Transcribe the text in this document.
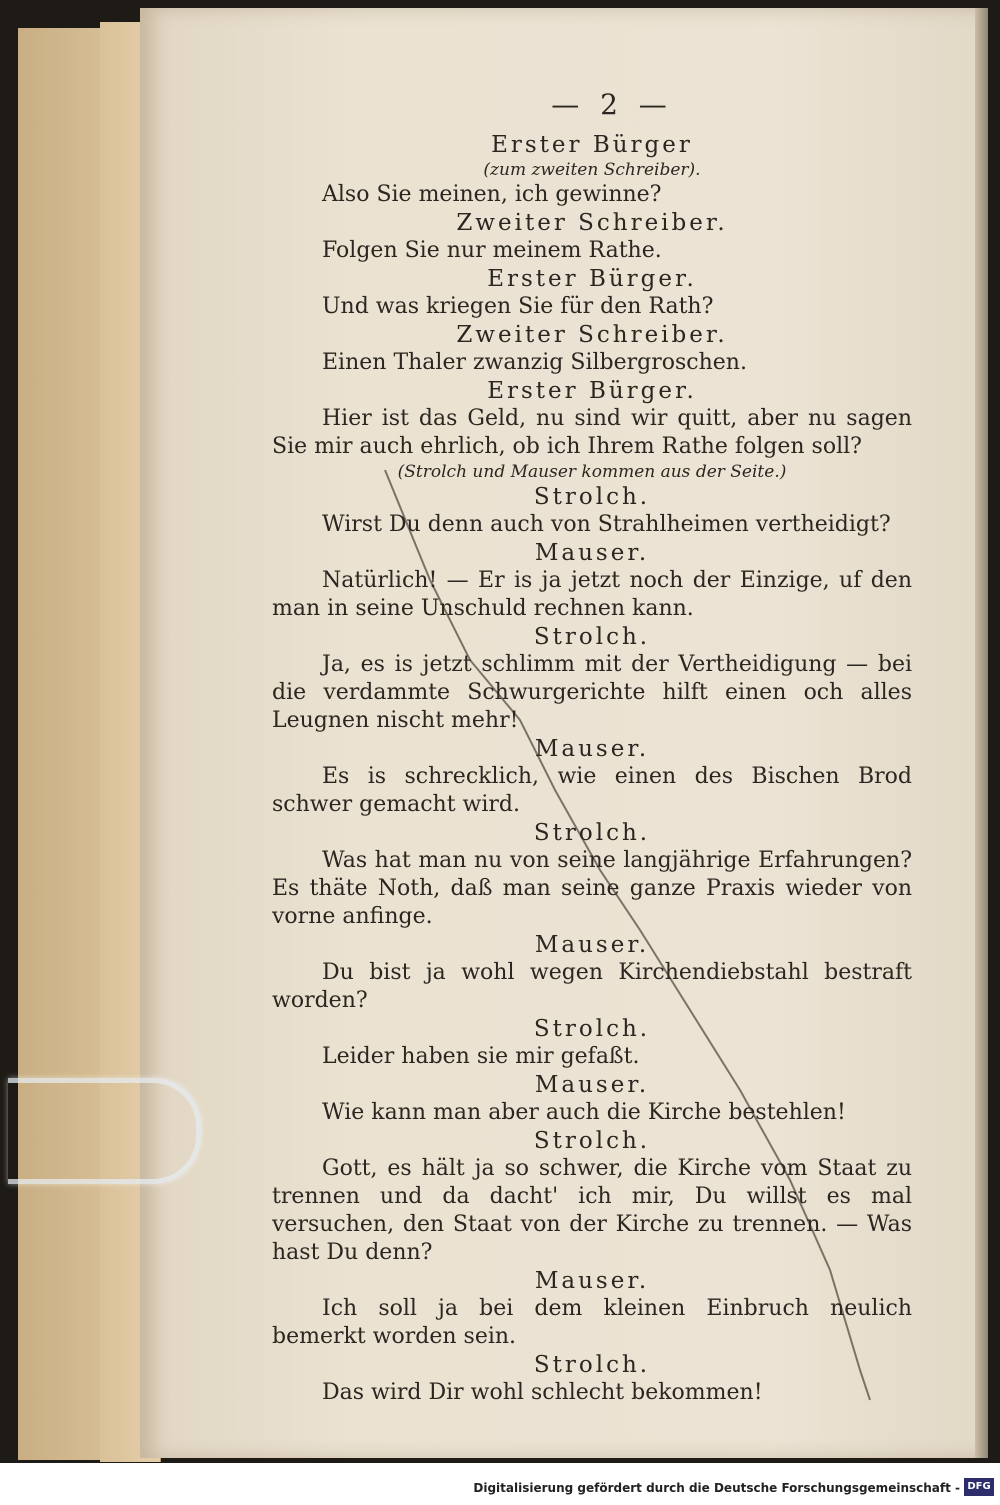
— 2 —
Erster Bürger
(zum zweiten Schreiber).
Also Sie meinen, ich gewinne?
Zweiter Schreiber.
Folgen Sie nur meinem Rathe.
Erster Bürger.
Und was kriegen Sie für den Rath?
Zweiter Schreiber.
Einen Thaler zwanzig Silbergroschen.
Erster Bürger.
Hier ist das Geld, nu sind wir quitt, aber nu sagen Sie mir auch ehrlich, ob ich Ihrem Rathe folgen soll?
(Strolch und Mauser kommen aus der Seite.)
Strolch.
Wirst Du denn auch von Strahlheimen vertheidigt?
Mauser.
Natürlich! — Er is ja jetzt noch der Einzige, uf den man in seine Unschuld rechnen kann.
Strolch.
Ja, es is jetzt schlimm mit der Vertheidigung — bei die verdammte Schwurgerichte hilft einen och alles Leugnen nischt mehr!
Mauser.
Es is schrecklich, wie einen des Bischen Brod schwer gemacht wird.
Strolch.
Was hat man nu von seine langjährige Erfahrungen? Es thäte Noth, daß man seine ganze Praxis wieder von vorne anfinge.
Mauser.
Du bist ja wohl wegen Kirchendiebstahl bestraft worden?
Strolch.
Leider haben sie mir gefaßt.
Mauser.
Wie kann man aber auch die Kirche bestehlen!
Strolch.
Gott, es hält ja so schwer, die Kirche vom Staat zu trennen und da dacht' ich mir, Du willst es mal versuchen, den Staat von der Kirche zu trennen. — Was hast Du denn?
Mauser.
Ich soll ja bei dem kleinen Einbruch neulich bemerkt worden sein.
Strolch.
Das wird Dir wohl schlecht bekommen!
Digitalisierung gefördert durch die Deutsche Forschungsgemeinschaft - DFG
